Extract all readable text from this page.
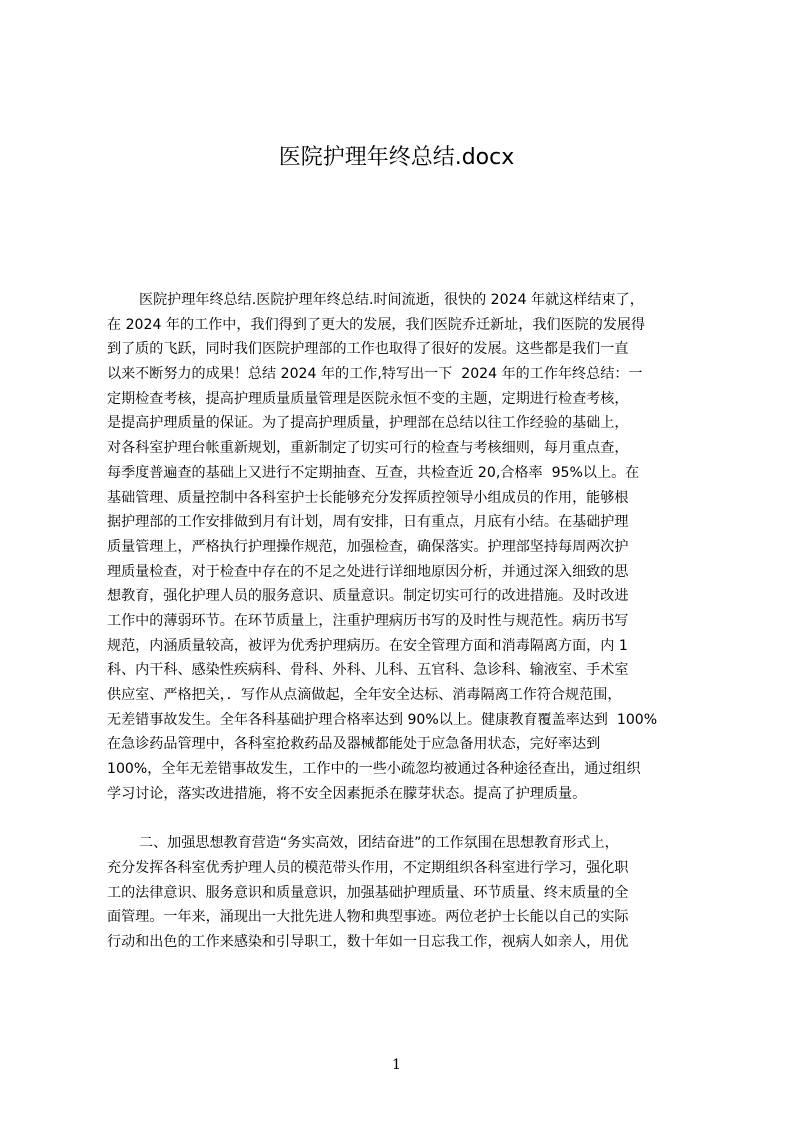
医院护理年终总结.docx
医院护理年终总结.医院护理年终总结.时间流逝，很快的 2024 年就这样结束了，
在 2024 年的工作中，我们得到了更大的发展，我们医院乔迁新址，我们医院的发展得
到了质的飞跃，同时我们医院护理部的工作也取得了很好的发展。这些都是我们一直
以来不断努力的成果！总结 2024 年的工作,特写出一下  2024 年的工作年终总结：一
定期检查考核，提高护理质量质量管理是医院永恒不变的主题，定期进行检查考核，
是提高护理质量的保证。为了提高护理质量，护理部在总结以往工作经验的基础上，
对各科室护理台帐重新规划，重新制定了切实可行的检查与考核细则，每月重点查，
每季度普遍查的基础上又进行不定期抽查、互查，共检查近 20,合格率  95%以上。在
基础管理、质量控制中各科室护士长能够充分发挥质控领导小组成员的作用，能够根
据护理部的工作安排做到月有计划，周有安排，日有重点，月底有小结。在基础护理
质量管理上，严格执行护理操作规范，加强检查，确保落实。护理部坚持每周两次护
理质量检查，对于检查中存在的不足之处进行详细地原因分析，并通过深入细致的思
想教育，强化护理人员的服务意识、质量意识。制定切实可行的改进措施。及时改进
工作中的薄弱环节。在环节质量上，注重护理病历书写的及时性与规范性。病历书写
规范，内涵质量较高，被评为优秀护理病历。在安全管理方面和消毒隔离方面，内 1
科、内干科、感染性疾病科、骨科、外科、儿科、五官科、急诊科、输液室、手术室
供应室、严格把关，．写作从点滴做起，全年安全达标、消毒隔离工作符合规范围，
无差错事故发生。全年各科基础护理合格率达到 90%以上。健康教育覆盖率达到  100%
在急诊药品管理中，各科室抢救药品及器械都能处于应急备用状态，完好率达到
100%，全年无差错事故发生，工作中的一些小疏忽均被通过各种途径查出，通过组织
学习讨论，落实改进措施，将不安全因素扼杀在朦芽状态。提高了护理质量。
二、加强思想教育营造“务实高效，团结奋进”的工作氛围在思想教育形式上，
充分发挥各科室优秀护理人员的模范带头作用，不定期组织各科室进行学习，强化职
工的法律意识、服务意识和质量意识，加强基础护理质量、环节质量、终末质量的全
面管理。一年来，涌现出一大批先进人物和典型事迹。两位老护士长能以自己的实际
行动和出色的工作来感染和引导职工，数十年如一日忘我工作，视病人如亲人，用优
1
